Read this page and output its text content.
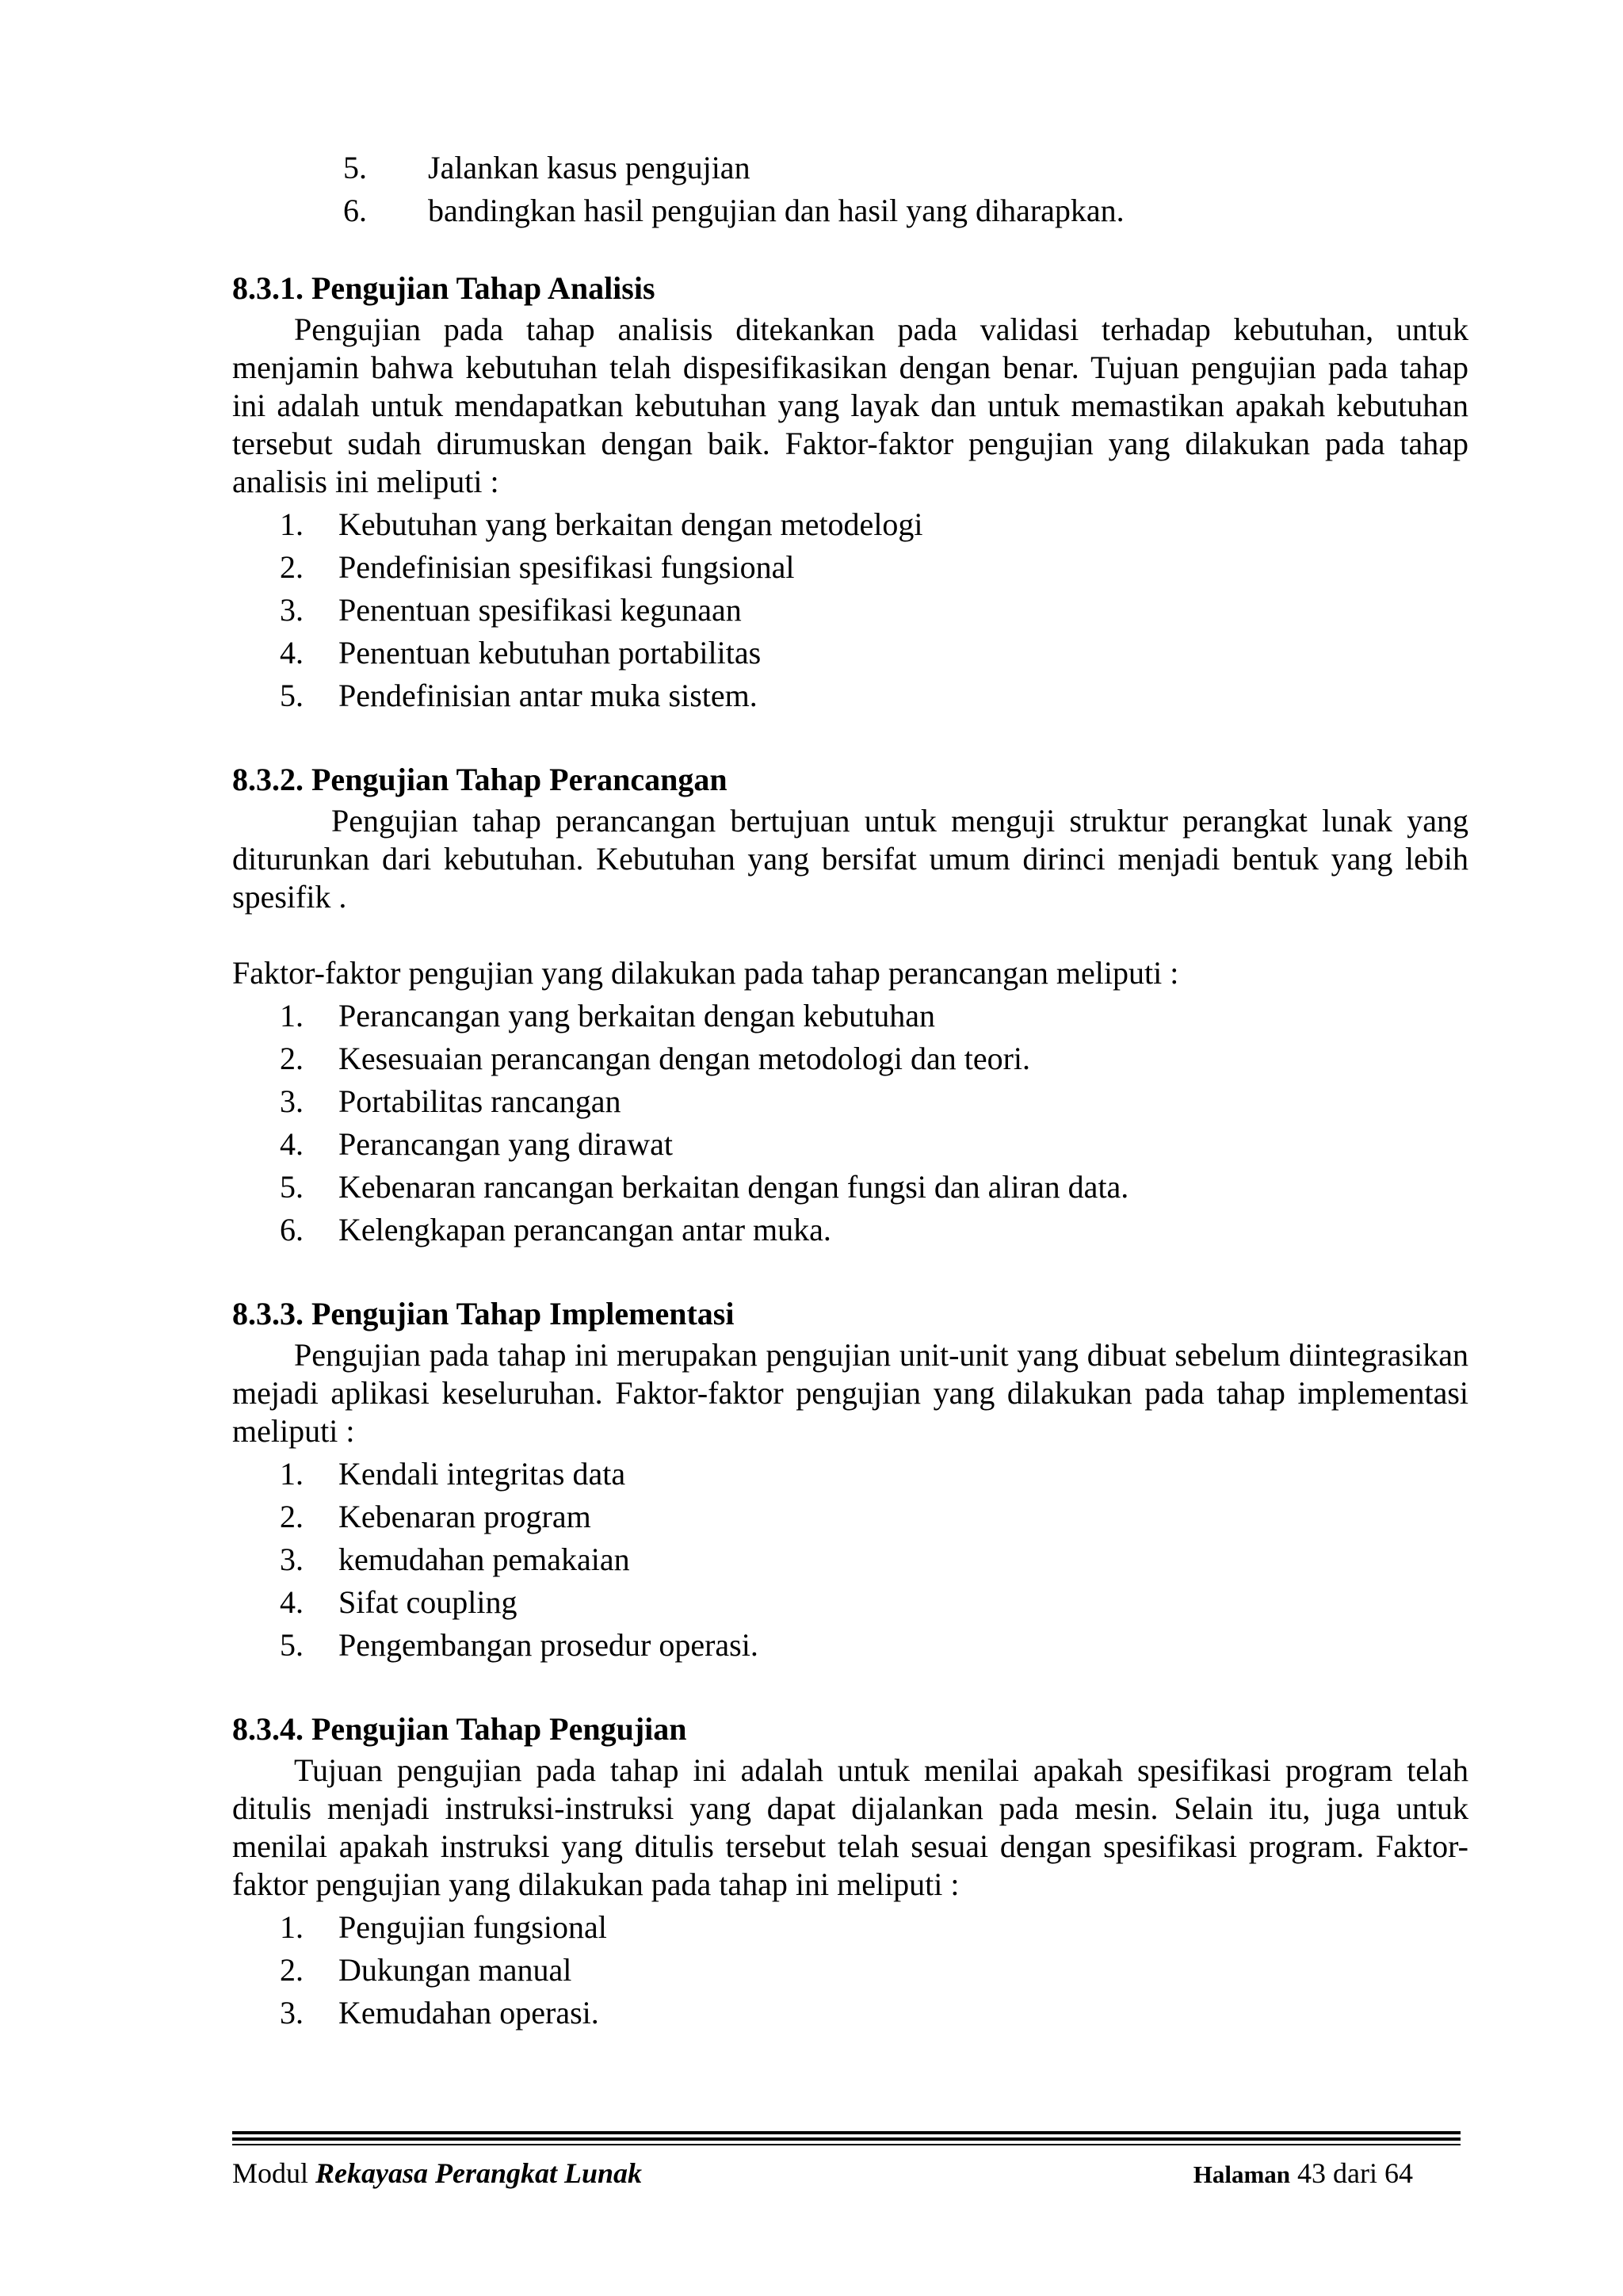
5.	Jalankan kasus pengujian
6.	bandingkan hasil pengujian dan hasil yang diharapkan.
8.3.1. Pengujian Tahap Analisis

Pengujian pada tahap analisis ditekankan pada validasi terhadap kebutuhan, untuk menjamin bahwa kebutuhan telah dispesifikasikan dengan benar. Tujuan pengujian pada tahap ini adalah untuk mendapatkan kebutuhan yang layak dan untuk memastikan apakah kebutuhan tersebut sudah dirumuskan dengan baik. Faktor-faktor pengujian yang dilakukan pada tahap analisis ini meliputi :

1.	Kebutuhan yang berkaitan dengan metodelogi
2.	Pendefinisian spesifikasi fungsional
3.	Penentuan spesifikasi kegunaan
4.	Penentuan kebutuhan portabilitas
5.	Pendefinisian antar muka sistem.
8.3.2. Pengujian Tahap Perancangan

Pengujian tahap perancangan bertujuan untuk menguji struktur perangkat lunak yang diturunkan dari kebutuhan. Kebutuhan yang bersifat umum dirinci menjadi bentuk yang lebih spesifik .

Faktor-faktor pengujian yang dilakukan pada tahap perancangan meliputi :

1.	Perancangan yang berkaitan dengan kebutuhan
2.	Kesesuaian perancangan dengan metodologi dan teori.
3.	Portabilitas rancangan
4.	Perancangan yang dirawat
5.	Kebenaran rancangan berkaitan dengan fungsi dan aliran data.
6.	Kelengkapan perancangan antar muka.
8.3.3. Pengujian Tahap Implementasi

Pengujian pada tahap ini merupakan pengujian unit-unit yang dibuat sebelum diintegrasikan mejadi aplikasi keseluruhan. Faktor-faktor pengujian yang dilakukan pada tahap implementasi meliputi :

1.	Kendali integritas data
2.	Kebenaran program
3.	kemudahan pemakaian
4.	Sifat coupling
5.	Pengembangan prosedur operasi.
8.3.4. Pengujian Tahap Pengujian

Tujuan pengujian pada tahap ini adalah untuk menilai apakah spesifikasi program telah ditulis menjadi instruksi-instruksi yang dapat dijalankan pada mesin. Selain itu, juga untuk menilai apakah instruksi yang ditulis tersebut telah sesuai dengan spesifikasi program. Faktor-faktor pengujian yang dilakukan pada tahap ini meliputi :

1.	Pengujian fungsional
2.	Dukungan manual
3.	Kemudahan operasi.
Modul Rekayasa Perangkat Lunak	Halaman 43 dari 64
